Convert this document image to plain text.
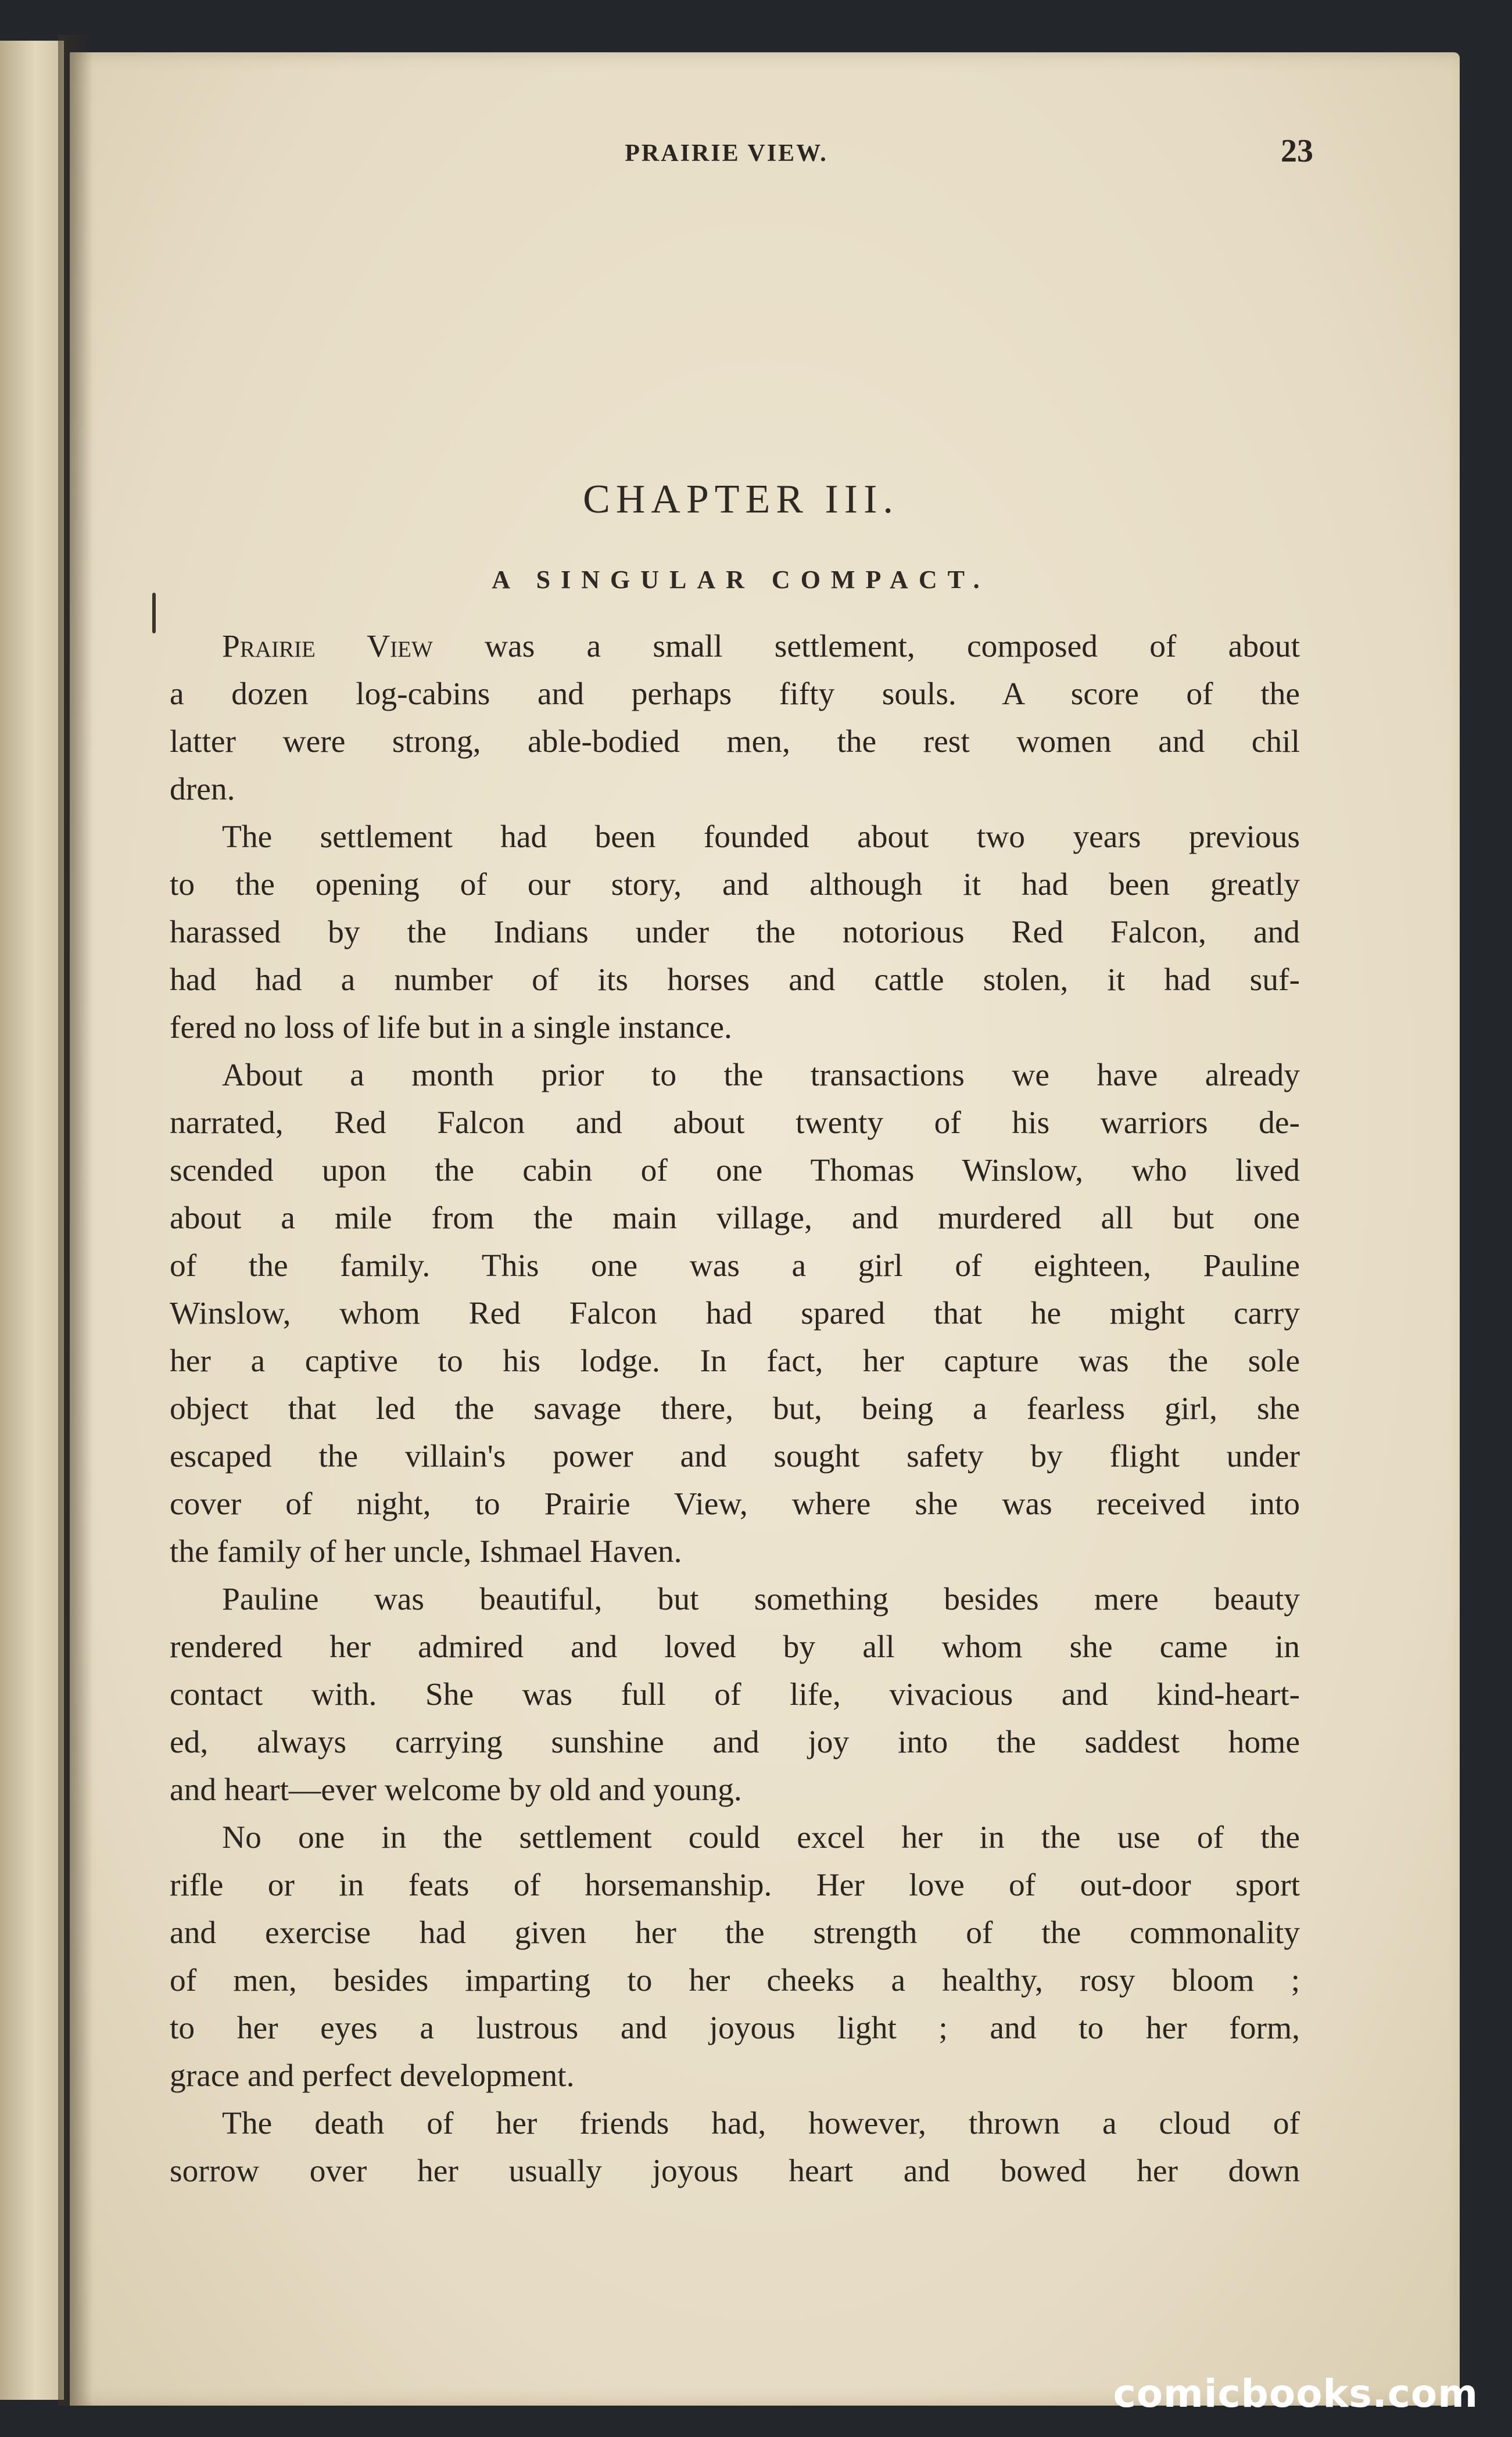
PRAIRIE VIEW.	23
CHAPTER III.
A SINGULAR COMPACT.
Prairie View was a small settlement, composed of about
a dozen log-cabins and perhaps fifty souls. A score of the
latter were strong, able-bodied men, the rest women and chil
dren.
The settlement had been founded about two years previous
to the opening of our story, and although it had been greatly
harassed by the Indians under the notorious Red Falcon, and
had had a number of its horses and cattle stolen, it had suf-
fered no loss of life but in a single instance.
About a month prior to the transactions we have already
narrated, Red Falcon and about twenty of his warriors de-
scended upon the cabin of one Thomas Winslow, who lived
about a mile from the main village, and murdered all but one
of the family. This one was a girl of eighteen, Pauline
Winslow, whom Red Falcon had spared that he might carry
her a captive to his lodge. In fact, her capture was the sole
object that led the savage there, but, being a fearless girl, she
escaped the villain's power and sought safety by flight under
cover of night, to Prairie View, where she was received into
the family of her uncle, Ishmael Haven.
Pauline was beautiful, but something besides mere beauty
rendered her admired and loved by all whom she came in
contact with. She was full of life, vivacious and kind-heart-
ed, always carrying sunshine and joy into the saddest home
and heart—ever welcome by old and young.
No one in the settlement could excel her in the use of the
rifle or in feats of horsemanship. Her love of out-door sport
and exercise had given her the strength of the commonality
of men, besides imparting to her cheeks a healthy, rosy bloom ;
to her eyes a lustrous and joyous light ; and to her form,
grace and perfect development.
The death of her friends had, however, thrown a cloud of
sorrow over her usually joyous heart and bowed her down
comicbooks.com
